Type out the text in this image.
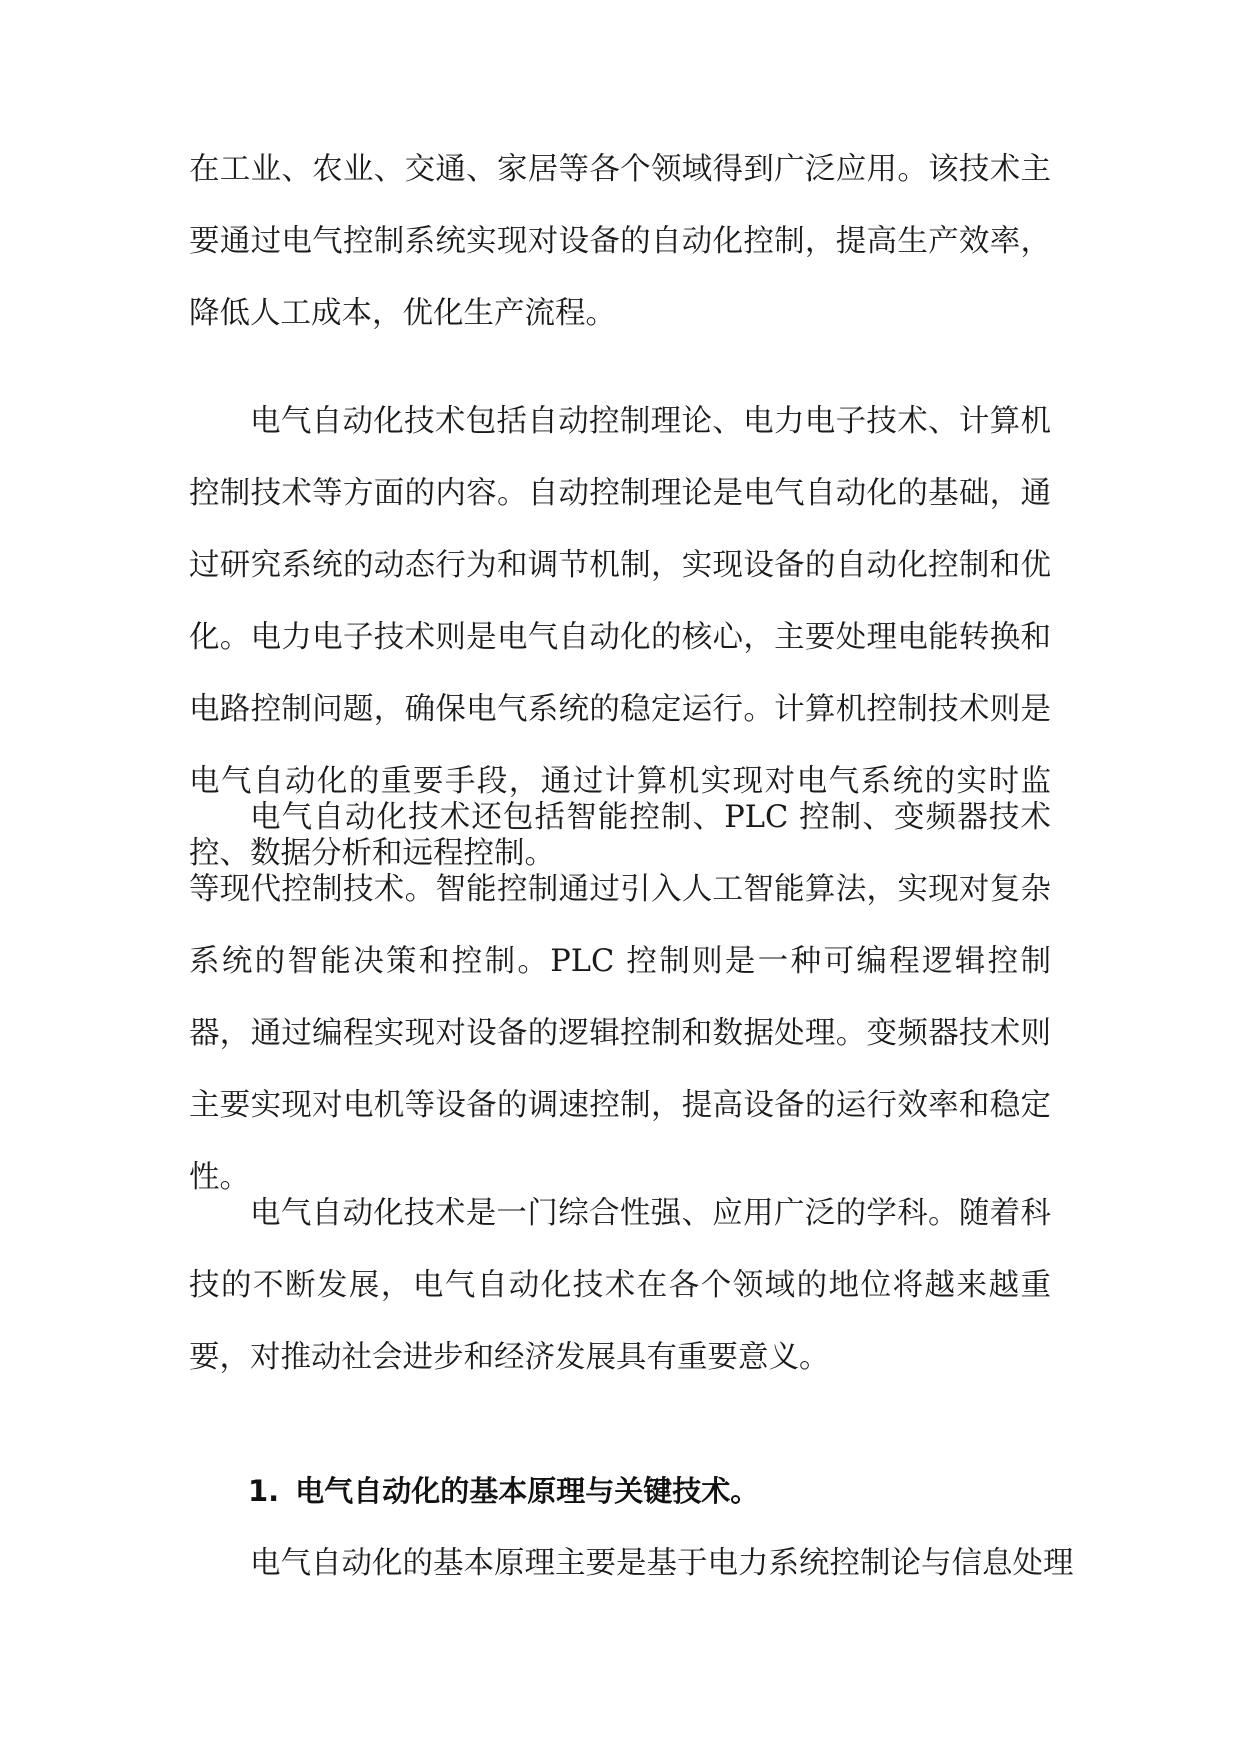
在工业、农业、交通、家居等各个领域得到广泛应用。该技术主要通过电气控制系统实现对设备的自动化控制，提高生产效率，降低人工成本，优化生产流程。

电气自动化技术包括自动控制理论、电力电子技术、计算机控制技术等方面的内容。自动控制理论是电气自动化的基础，通过研究系统的动态行为和调节机制，实现设备的自动化控制和优化。电力电子技术则是电气自动化的核心，主要处理电能转换和电路控制问题，确保电气系统的稳定运行。计算机控制技术则是电气自动化的重要手段，通过计算机实现对电气系统的实时监控、数据分析和远程控制。

电气自动化技术还包括智能控制、PLC 控制、变频器技术等现代控制技术。智能控制通过引入人工智能算法，实现对复杂系统的智能决策和控制。PLC 控制则是一种可编程逻辑控制器，通过编程实现对设备的逻辑控制和数据处理。变频器技术则主要实现对电机等设备的调速控制，提高设备的运行效率和稳定性。

电气自动化技术是一门综合性强、应用广泛的学科。随着科技的不断发展，电气自动化技术在各个领域的地位将越来越重要，对推动社会进步和经济发展具有重要意义。

1. 电气自动化的基本原理与关键技术。

电气自动化的基本原理主要是基于电力系统控制论与信息处理
